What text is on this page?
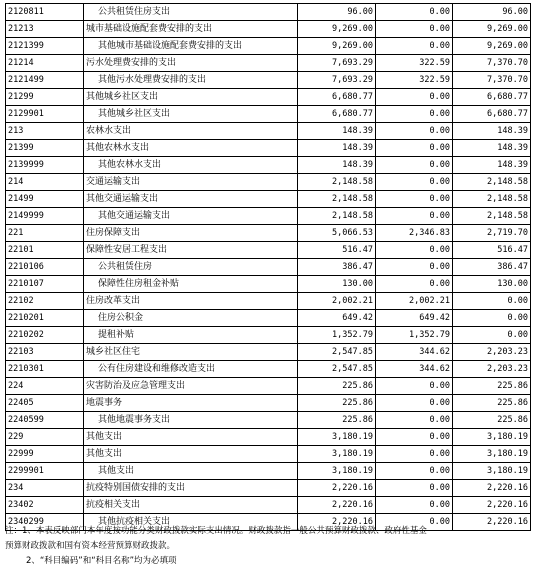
2120811	公共租赁住房支出	96.00	0.00	96.00
21213	城市基础设施配套费安排的支出	9,269.00	0.00	9,269.00
2121399	其他城市基础设施配套费安排的支出	9,269.00	0.00	9,269.00
21214	污水处理费安排的支出	7,693.29	322.59	7,370.70
2121499	其他污水处理费安排的支出	7,693.29	322.59	7,370.70
21299	其他城乡社区支出	6,680.77	0.00	6,680.77
2129901	其他城乡社区支出	6,680.77	0.00	6,680.77
213	农林水支出	148.39	0.00	148.39
21399	其他农林水支出	148.39	0.00	148.39
2139999	其他农林水支出	148.39	0.00	148.39
214	交通运输支出	2,148.58	0.00	2,148.58
21499	其他交通运输支出	2,148.58	0.00	2,148.58
2149999	其他交通运输支出	2,148.58	0.00	2,148.58
221	住房保障支出	5,066.53	2,346.83	2,719.70
22101	保障性安居工程支出	516.47	0.00	516.47
2210106	公共租赁住房	386.47	0.00	386.47
2210107	保障性住房租金补贴	130.00	0.00	130.00
22102	住房改革支出	2,002.21	2,002.21	0.00
2210201	住房公积金	649.42	649.42	0.00
2210202	提租补贴	1,352.79	1,352.79	0.00
22103	城乡社区住宅	2,547.85	344.62	2,203.23
2210301	公有住房建设和维修改造支出	2,547.85	344.62	2,203.23
224	灾害防治及应急管理支出	225.86	0.00	225.86
22405	地震事务	225.86	0.00	225.86
2240599	其他地震事务支出	225.86	0.00	225.86
229	其他支出	3,180.19	0.00	3,180.19
22999	其他支出	3,180.19	0.00	3,180.19
2299901	其他支出	3,180.19	0.00	3,180.19
234	抗疫特别国债安排的支出	2,220.16	0.00	2,220.16
23402	抗疫相关支出	2,220.16	0.00	2,220.16
2340299	其他抗疫相关支出	2,220.16	0.00	2,220.16

注：1、本表反映部门本年度按功能分类财政拨款实际支出情况。财政拨款指一般公共预算财政拨款、政府性基金

预算财政拨款和国有资本经营预算财政拨款。

2、“科目编码”和“科目名称”均为必填项
